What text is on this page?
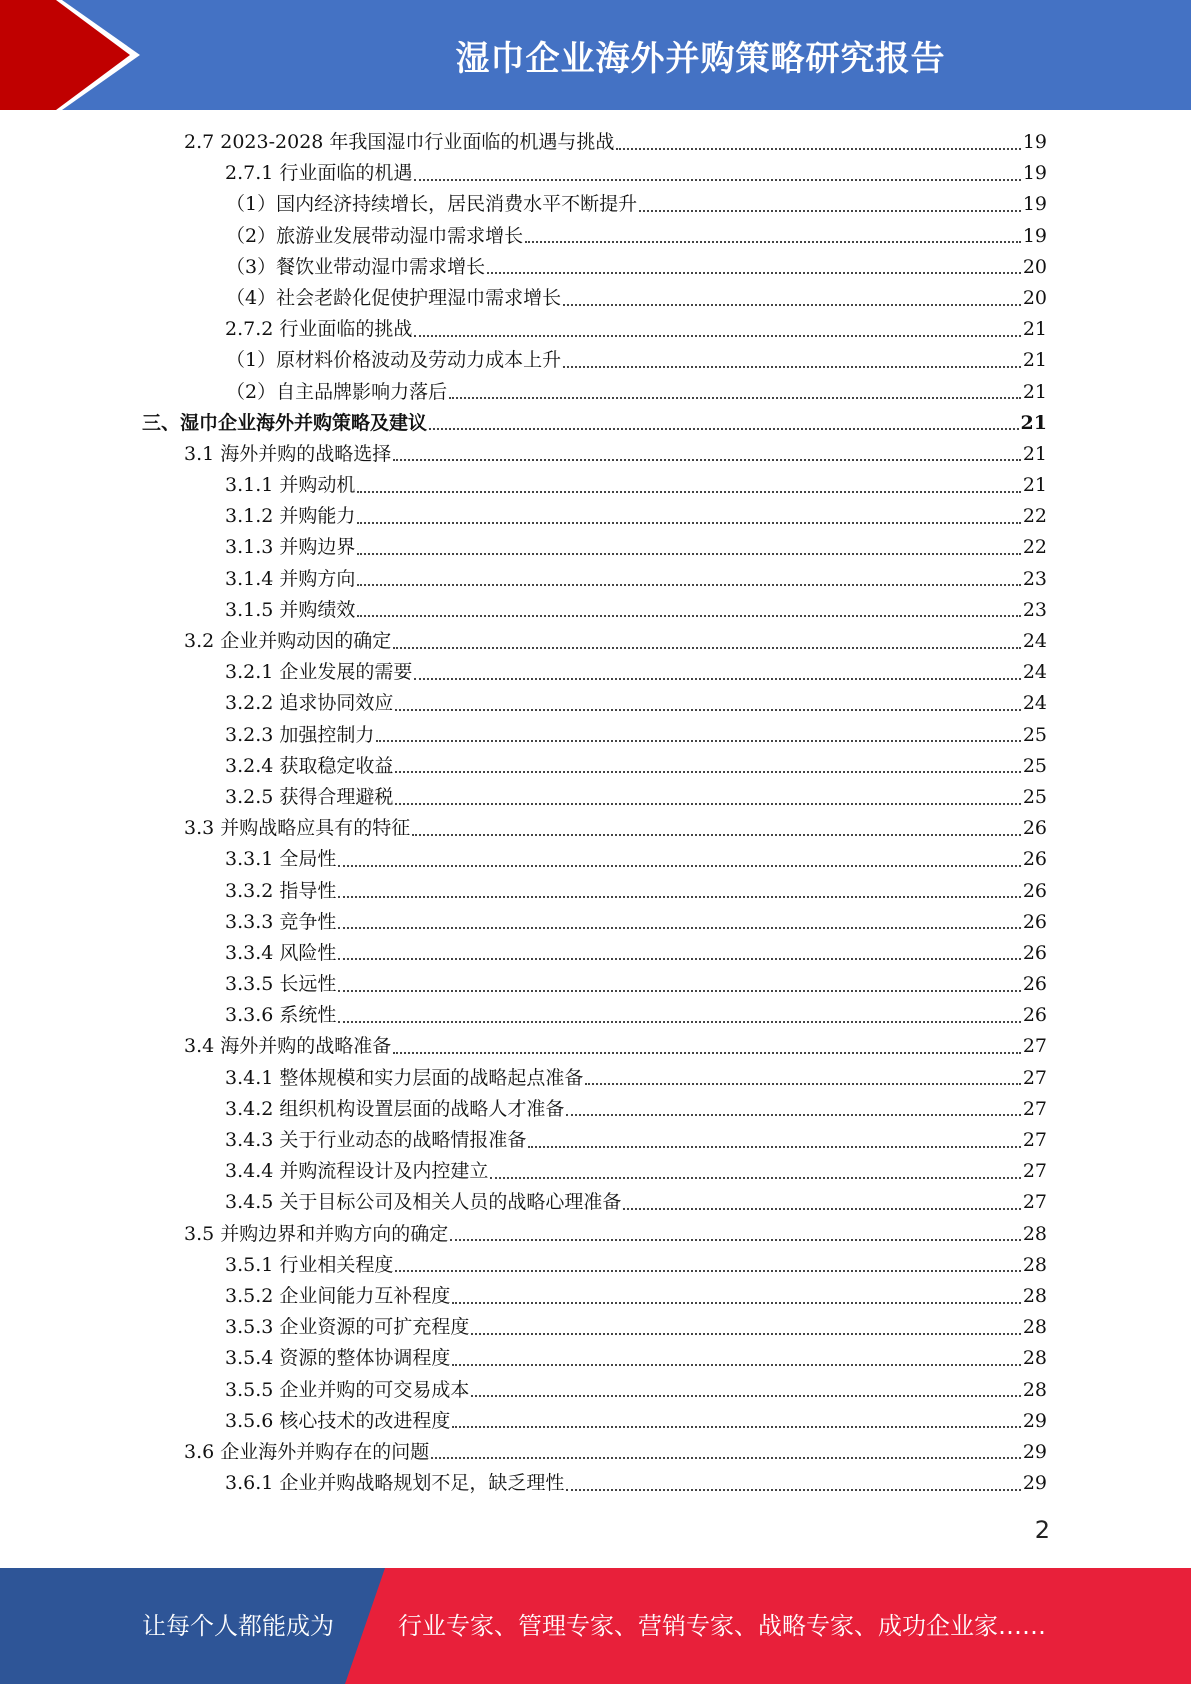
湿巾企业海外并购策略研究报告
2.7 2023-2028 年我国湿巾行业面临的机遇与挑战	19
2.7.1 行业面临的机遇	19
（1）国内经济持续增长，居民消费水平不断提升	19
（2）旅游业发展带动湿巾需求增长	19
（3）餐饮业带动湿巾需求增长	20
（4）社会老龄化促使护理湿巾需求增长	20
2.7.2 行业面临的挑战	21
（1）原材料价格波动及劳动力成本上升	21
（2）自主品牌影响力落后	21
三、湿巾企业海外并购策略及建议	21
3.1 海外并购的战略选择	21
3.1.1 并购动机	21
3.1.2 并购能力	22
3.1.3 并购边界	22
3.1.4 并购方向	23
3.1.5 并购绩效	23
3.2 企业并购动因的确定	24
3.2.1 企业发展的需要	24
3.2.2 追求协同效应	24
3.2.3 加强控制力	25
3.2.4 获取稳定收益	25
3.2.5 获得合理避税	25
3.3 并购战略应具有的特征	26
3.3.1 全局性	26
3.3.2 指导性	26
3.3.3 竞争性	26
3.3.4 风险性	26
3.3.5 长远性	26
3.3.6 系统性	26
3.4 海外并购的战略准备	27
3.4.1 整体规模和实力层面的战略起点准备	27
3.4.2 组织机构设置层面的战略人才准备	27
3.4.3 关于行业动态的战略情报准备	27
3.4.4 并购流程设计及内控建立	27
3.4.5 关于目标公司及相关人员的战略心理准备	27
3.5 并购边界和并购方向的确定	28
3.5.1 行业相关程度	28
3.5.2 企业间能力互补程度	28
3.5.3 企业资源的可扩充程度	28
3.5.4 资源的整体协调程度	28
3.5.5 企业并购的可交易成本	28
3.5.6 核心技术的改进程度	29
3.6 企业海外并购存在的问题	29
3.6.1 企业并购战略规划不足，缺乏理性	29
2
让每个人都能成为	行业专家、管理专家、营销专家、战略专家、成功企业家……
